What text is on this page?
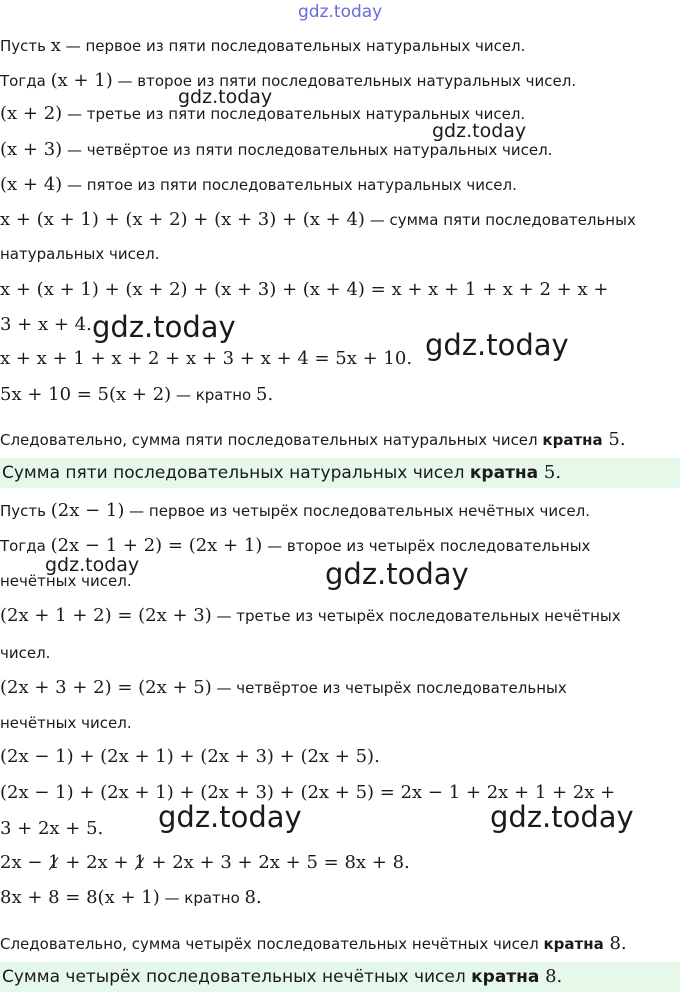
gdz.today
gdz.today
gdz.today
gdz.today
gdz.today
gdz.today	gdz.today
gdz.today	gdz.today
Пусть x — первое из пяти последовательных натуральных чисел.
Тогда (x + 1) — второе из пяти последовательных натуральных чисел.
(x + 2) — третье из пяти последовательных натуральных чисел.
(x + 3) — четвёртое из пяти последовательных натуральных чисел.
(x + 4) — пятое из пяти последовательных натуральных чисел.
x + (x + 1) + (x + 2) + (x + 3) + (x + 4) — сумма пяти последовательных
натуральных чисел.
x + (x + 1) + (x + 2) + (x + 3) + (x + 4) = x + x + 1 + x + 2 + x +
3 + x + 4.
x + x + 1 + x + 2 + x + 3 + x + 4 = 5x + 10.
5x + 10 = 5(x + 2) — кратно 5.
Следовательно, сумма пяти последовательных натуральных чисел кратна 5.
Сумма пяти последовательных натуральных чисел кратна 5.
Пусть (2x − 1) — первое из четырёх последовательных нечётных чисел.
Тогда (2x − 1 + 2) = (2x + 1) — второе из четырёх последовательных
нечётных чисел.
(2x + 1 + 2) = (2x + 3) — третье из четырёх последовательных нечётных
чисел.
(2x + 3 + 2) = (2x + 5) — четвёртое из четырёх последовательных
нечётных чисел.
(2x − 1) + (2x + 1) + (2x + 3) + (2x + 5).
(2x − 1) + (2x + 1) + (2x + 3) + (2x + 5) = 2x − 1 + 2x + 1 + 2x +
3 + 2x + 5.
2x − 1 + 2x + 1 + 2x + 3 + 2x + 5 = 8x + 8.
8x + 8 = 8(x + 1) — кратно 8.
Следовательно, сумма четырёх последовательных нечётных чисел кратна 8.
Сумма четырёх последовательных нечётных чисел кратна 8.
